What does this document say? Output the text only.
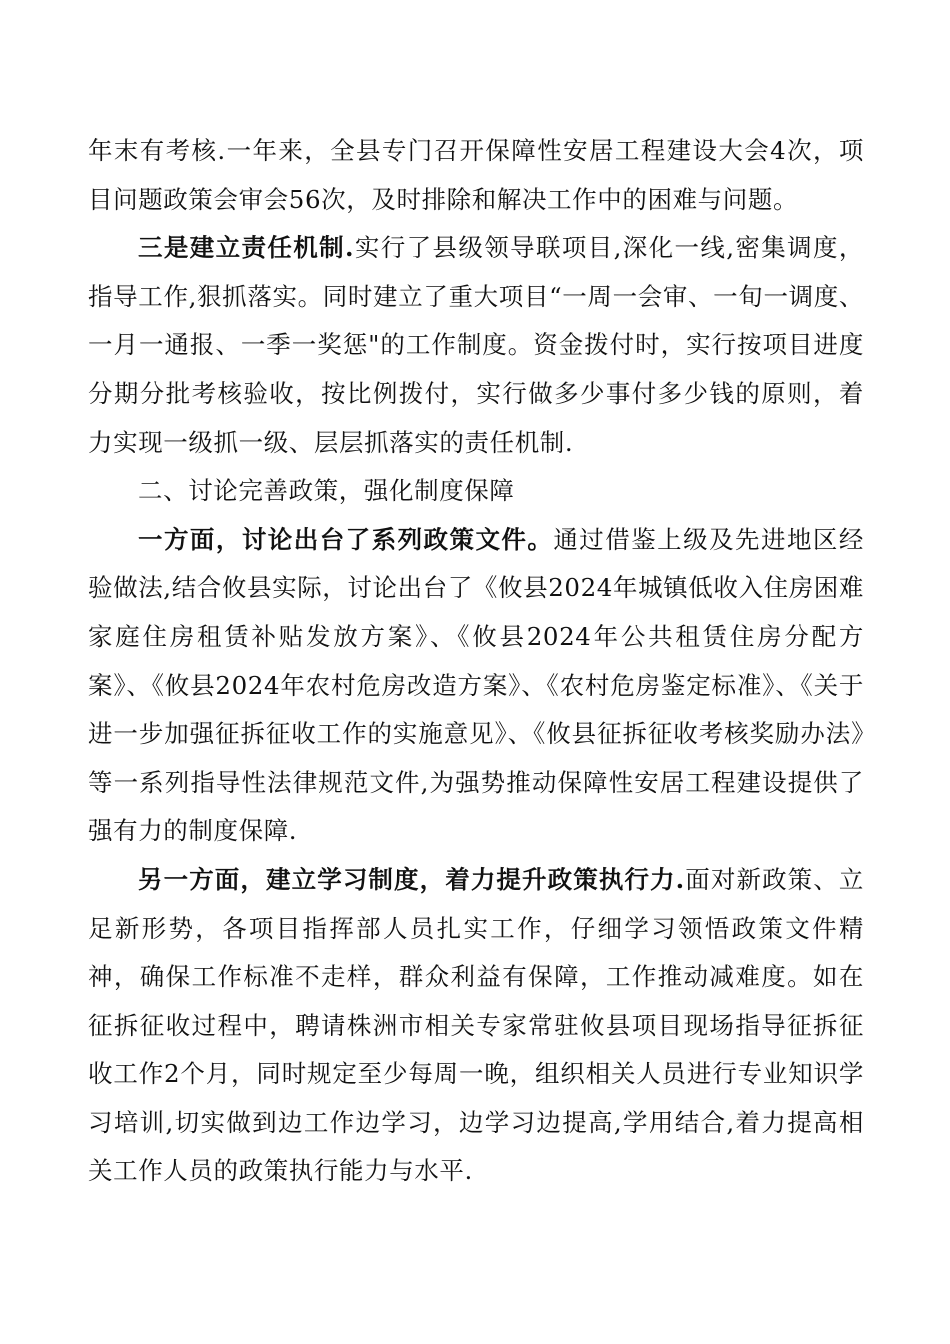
年末有考核.一年来，全县专门召开保障性安居工程建设大会4次，项目问题政策会审会56次，及时排除和解决工作中的困难与问题。

三是建立责任机制.实行了县级领导联项目,深化一线,密集调度，指导工作,狠抓落实。同时建立了重大项目“一周一会审、一旬一调度、一月一通报、一季一奖惩"的工作制度。资金拨付时，实行按项目进度分期分批考核验收，按比例拨付，实行做多少事付多少钱的原则，着力实现一级抓一级、层层抓落实的责任机制.

二、讨论完善政策，强化制度保障

一方面，讨论出台了系列政策文件。通过借鉴上级及先进地区经验做法,结合攸县实际，讨论出台了《攸县2024年城镇低收入住房困难家庭住房租赁补贴发放方案》、《攸县2024年公共租赁住房分配方案》、《攸县2024年农村危房改造方案》、《农村危房鉴定标准》、《关于进一步加强征拆征收工作的实施意见》、《攸县征拆征收考核奖励办法》等一系列指导性法律规范文件,为强势推动保障性安居工程建设提供了强有力的制度保障.

另一方面，建立学习制度，着力提升政策执行力.面对新政策、立足新形势，各项目指挥部人员扎实工作，仔细学习领悟政策文件精神，确保工作标准不走样，群众利益有保障，工作推动减难度。如在征拆征收过程中，聘请株洲市相关专家常驻攸县项目现场指导征拆征收工作2个月，同时规定至少每周一晚，组织相关人员进行专业知识学习培训,切实做到边工作边学习，边学习边提高,学用结合,着力提高相关工作人员的政策执行能力与水平.
